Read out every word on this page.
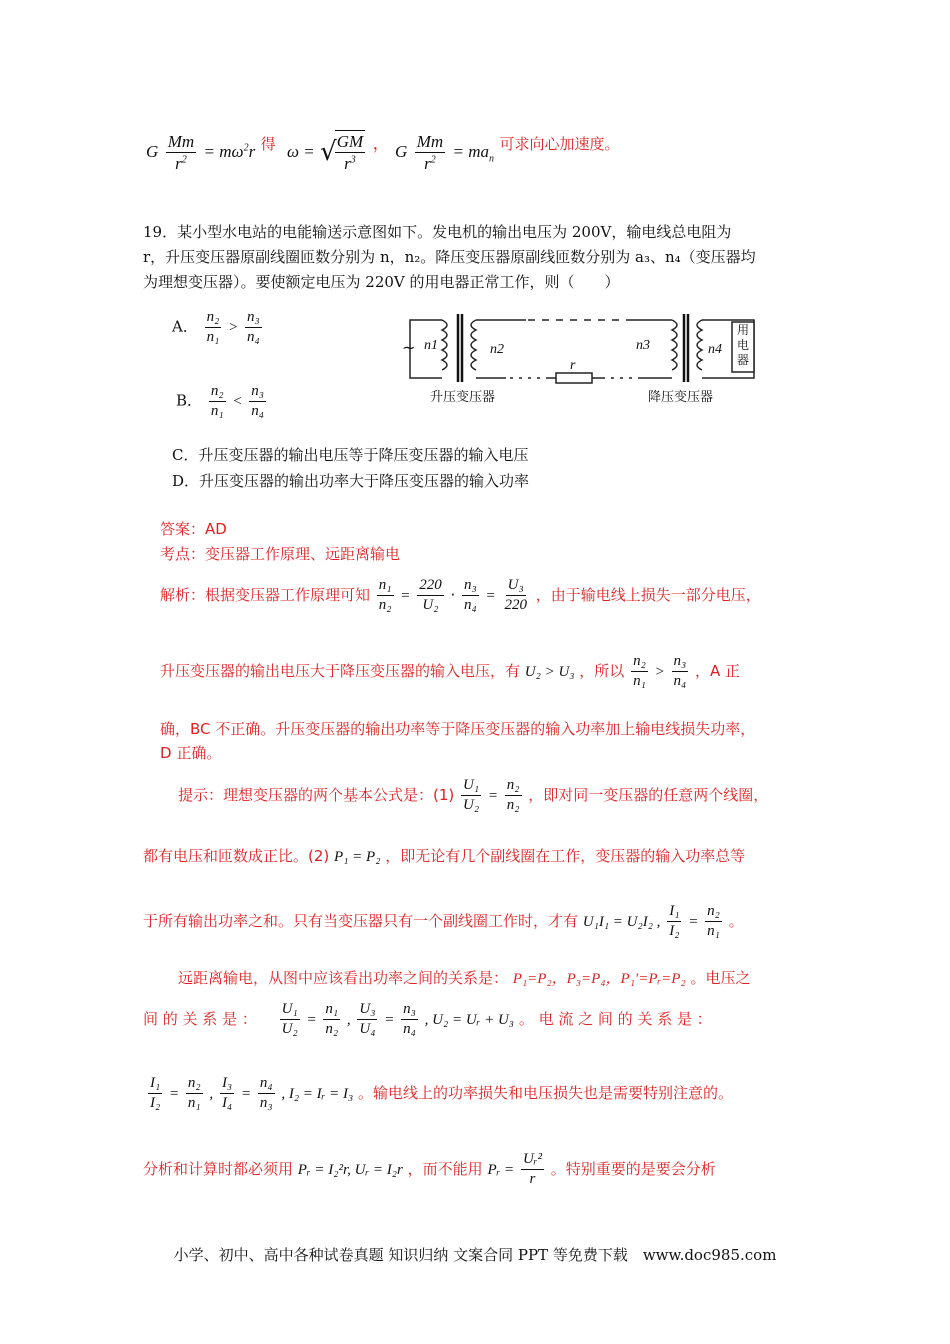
G $\frac{Mm}{r^2} = m\omega^2r$ 得 ω = √
$\frac{GM}{r^3}$ ， G $\frac{Mm}{r^2} = ma_n$ 可求向心加速度。
19．某小型水电站的电能输送示意图如下。发电机的输出电压为 200V，输电线总电阻为
r，升压变压器原副线圈匝数分别为 n，n₂。降压变压器原副线匝数分别为 a₃、n₄（变压器均
为理想变压器）。要使额定电压为 220V 的用电器正常工作，则（　　）
A． $\frac{\text{n₂}}{\text{n₁}} > \frac{\text{n₃}}{\text{n₄}}$
B． $\frac{\text{n₂}}{\text{n₁}} < \frac{\text{n₃}}{\text{n₄}}$
C．升压变压器的输出电压等于降压变压器的输入电压
D．升压变压器的输出功率大于降压变压器的输入功率
~ n1	n2
r
n3	n4
用电器
升压变压器	降压变压器
答案：AD
考点：变压器工作原理、远距离输电
解析：根据变压器工作原理可知 $\frac{\text{n₁}}{\text{n₂}} = \frac{220}{\text{U₂}} \cdot \frac{\text{n₃}}{\text{n₄}} = \frac{\text{U₃}}{220}$ ，由于输电线上损失一部分电压，
升压变压器的输出电压大于降压变压器的输入电压，有 U₂ > U₃ ，所以 $\frac{\text{n₂}}{\text{n₁}} > \frac{\text{n₃}}{\text{n₄}}$ ，A 正
确，BC 不正确。升压变压器的输出功率等于降压变压器的输入功率加上输电线损失功率，
D 正确。
提示：理想变压器的两个基本公式是：$(1) \frac{\text{U₁}}{\text{U₂}} = \frac{\text{n₂}}{\text{n₂}}$ ，即对同一变压器的任意两个线圈，
都有电压和匝数成正比。(2) P₁ = P₂ ，即无论有几个副线圈在工作，变压器的输入功率总等
于所有输出功率之和。只有当变压器只有一个副线圈工作时，才有 U₁I₁ = U₂I₂ , $\frac{\text{I₁}}{\text{I₂}} = \frac{\text{n₂}}{\text{n₁}}$ 。
远距离输电，从图中应该看出功率之间的关系是： P₁=P₂，P₃=P₄，P₁′=Pᵣ=P₂ 。电压之
间 的 关 系 是 ： $\frac{\text{U₁}}{\text{U₂}} = \frac{\text{n₁}}{\text{n₂}}$ , $\frac{\text{U₃}}{\text{U₄}} = \frac{\text{n₃}}{\text{n₄}}$ , U₂ = Uᵣ + U₃ 。 电 流 之 间 的 关 系 是 ：
$\frac{\text{I₁}}{\text{I₂}} = \frac{\text{n₂}}{\text{n₁}}$ , $\frac{\text{I₃}}{\text{I₄}} = \frac{\text{n₄}}{\text{n₃}}$ , I₂ = Iᵣ = I₃ 。输电线上的功率损失和电压损失也是需要特别注意的。
分析和计算时都必须用 Pᵣ = I₂²r, Uᵣ = I₂r ，而不能用 Pᵣ = $\frac{\text{Uᵣ²}}{r}$ 。特别重要的是要会分析
小学、初中、高中各种试卷真题 知识归纳 文案合同 PPT 等免费下载　www.doc985.com
